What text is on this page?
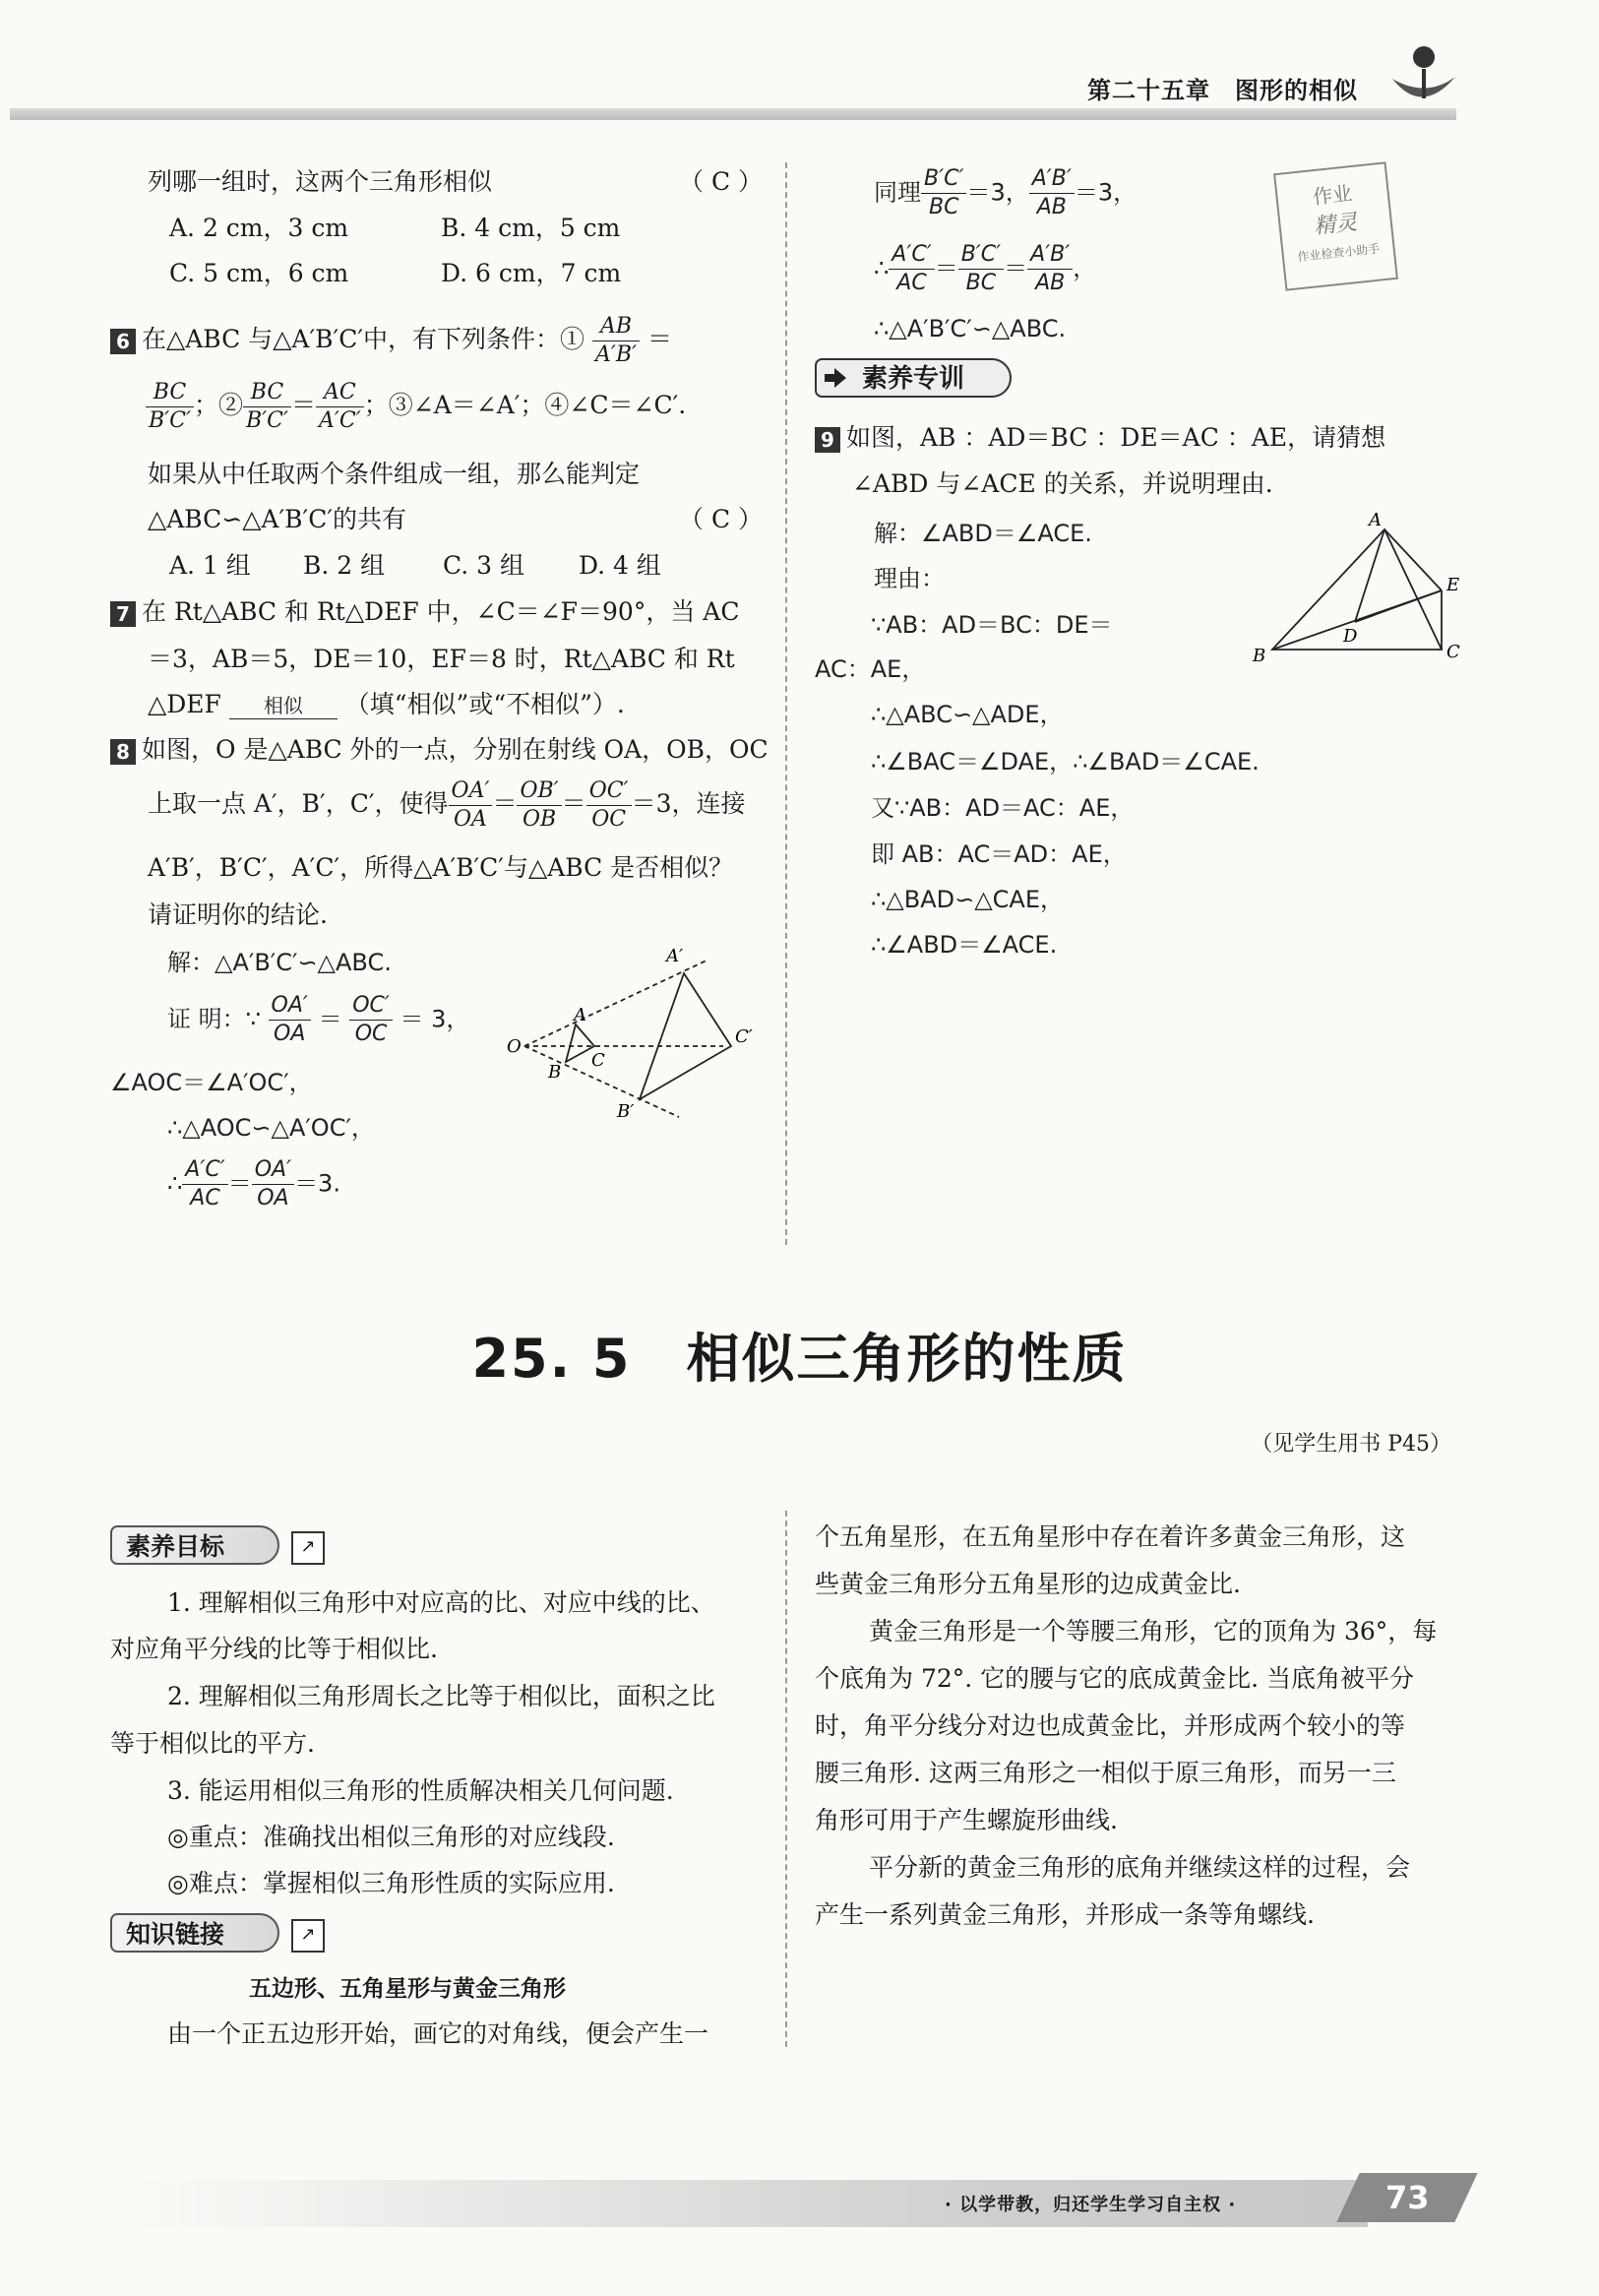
第二十五章　图形的相似
列哪一组时，这两个三角形相似	（ C ）
A. 2 cm，3 cm	B. 4 cm，5 cm
C. 5 cm，6 cm	D. 6 cm，7 cm
6 在△ABC 与△A′B′C′中，有下列条件：① $\frac{AB}{A'B'}$ ＝
$\frac{BC}{B'C'}$ ；② $\frac{BC}{B'C'} = \frac{AC}{A'C'}$ ；③∠A＝∠A′；④∠C＝∠C′.
如果从中任取两个条件组成一组，那么能判定
△ABC∽△A′B′C′的共有	（ C ）
A. 1 组 B. 2 组 C. 3 组 D. 4 组
7 在 Rt△ABC 和 Rt△DEF 中，∠C＝∠F＝90°，当 AC
＝3，AB＝5，DE＝10，EF＝8 时，Rt△ABC 和 Rt
△DEF 相似 （填“相似”或“不相似”）.
8 如图，O 是△ABC 外的一点，分别在射线 OA，OB，OC
上取一点 A′，B′，C′，使得 $\frac{OA'}{OA} = \frac{OB'}{OB} = \frac{OC'}{OC} =3$，连接
A′B′，B′C′，A′C′，所得△A′B′C′与△ABC 是否相似？
请证明你的结论.
解：△A′B′C′∽△ABC.
证 明：∵ $\frac{OA'}{OA} = \frac{OC'}{OC} = 3$，
∠AOC＝∠A′OC′，
∴△AOC∽△A′OC′，
∴ $\frac{A'C'}{AC} = \frac{OA'}{OA} =3$.
A′
A
O
C
C′
B
B′
同理 $\frac{B'C'}{BC} =3$， $\frac{A'B'}{AB} =3$，
∴ $\frac{A'C'}{AC} = \frac{B'C'}{BC} = \frac{A'B'}{AB}$ ，
∴△A′B′C′∽△ABC.
作业
精灵
作业检查小助手
素养专训
9 如图，AB ：AD＝BC ：DE＝AC ：AE，请猜想
∠ABD 与∠ACE 的关系，并说明理由.
解：∠ABD＝∠ACE.
理由：
∵AB：AD＝BC：DE＝
AC：AE，
∴△ABC∽△ADE，
∴∠BAC＝∠DAE，∴∠BAD＝∠CAE.
又∵AB：AD＝AC：AE，
即 AB：AC＝AD：AE，
∴△BAD∽△CAE，
∴∠ABD＝∠ACE.
A
E
D
B	C
25. 5　相似三角形的性质
（见学生用书 P45）
素养目标	↗
1. 理解相似三角形中对应高的比、对应中线的比、
对应角平分线的比等于相似比.
2. 理解相似三角形周长之比等于相似比，面积之比
等于相似比的平方.
3. 能运用相似三角形的性质解决相关几何问题.
◎重点：准确找出相似三角形的对应线段.
◎难点：掌握相似三角形性质的实际应用.
知识链接	↗
五边形、五角星形与黄金三角形
由一个正五边形开始，画它的对角线，便会产生一
个五角星形，在五角星形中存在着许多黄金三角形，这
些黄金三角形分五角星形的边成黄金比.
　黄金三角形是一个等腰三角形，它的顶角为 36°，每
个底角为 72°. 它的腰与它的底成黄金比. 当底角被平分
时，角平分线分对边也成黄金比，并形成两个较小的等
腰三角形. 这两三角形之一相似于原三角形，而另一三
角形可用于产生螺旋形曲线.
　平分新的黄金三角形的底角并继续这样的过程，会
产生一系列黄金三角形，并形成一条等角螺线.
· 以学带教，归还学生学习自主权 ·	73
